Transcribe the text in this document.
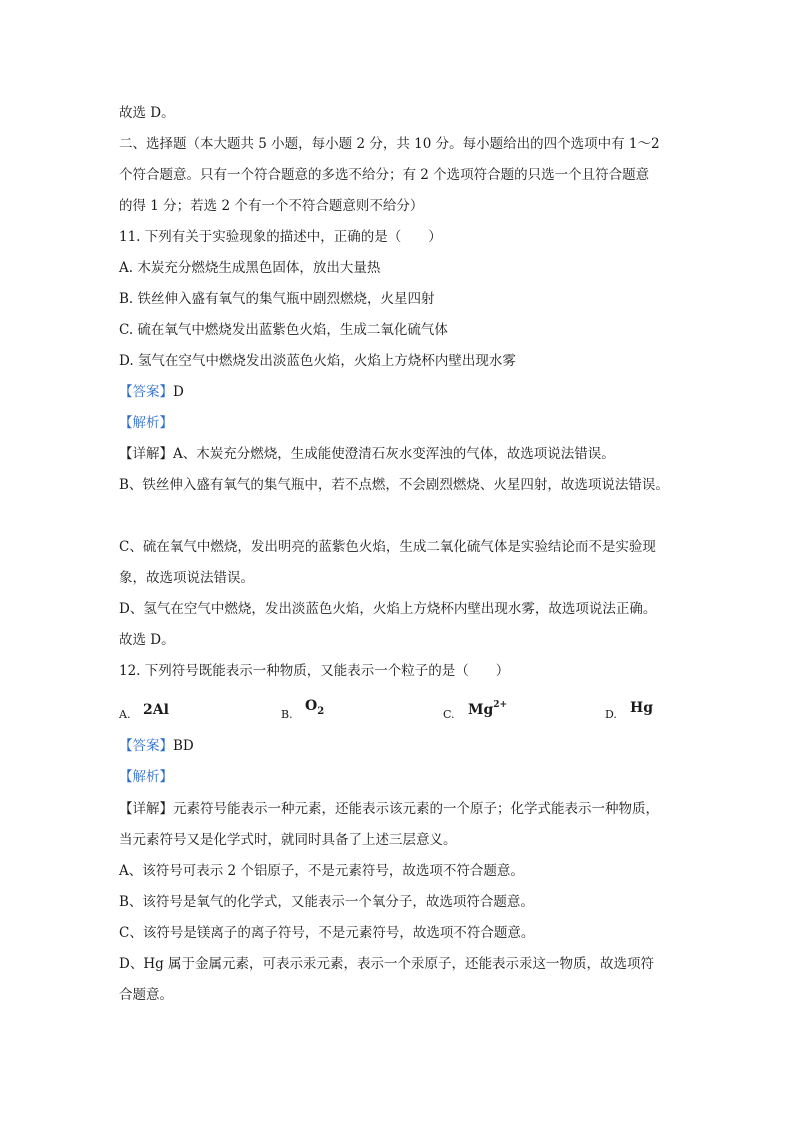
故选 D。
二、选择题（本大题共 5 小题，每小题 2 分，共 10 分。每小题给出的四个选项中有 1～2
个符合题意。只有一个符合题意的多选不给分；有 2 个选项符合题的只选一个且符合题意
的得 1 分；若选 2 个有一个不符合题意则不给分）
11. 下列有关于实验现象的描述中，正确的是（　　）
A. 木炭充分燃烧生成黑色固体，放出大量热
B. 铁丝伸入盛有氧气的集气瓶中剧烈燃烧，火星四射
C. 硫在氧气中燃烧发出蓝紫色火焰，生成二氧化硫气体
D. 氢气在空气中燃烧发出淡蓝色火焰，火焰上方烧杯内壁出现水雾
【答案】D
【解析】
【详解】A、木炭充分燃烧，生成能使澄清石灰水变浑浊的气体，故选项说法错误。
B、铁丝伸入盛有氧气的集气瓶中，若不点燃，不会剧烈燃烧、火星四射，故选项说法错误。
C、硫在氧气中燃烧，发出明亮的蓝紫色火焰，生成二氧化硫气体是实验结论而不是实验现
象，故选项说法错误。
D、氢气在空气中燃烧，发出淡蓝色火焰，火焰上方烧杯内壁出现水雾，故选项说法正确。
故选 D。
12. 下列符号既能表示一种物质，又能表示一个粒子的是（　　）
A. 2Al	B.
$O_2$	C. $Mg^{2+}$
D. Hg
【答案】BD
【解析】
【详解】元素符号能表示一种元素，还能表示该元素的一个原子；化学式能表示一种物质，
当元素符号又是化学式时，就同时具备了上述三层意义。
A、该符号可表示 2 个铝原子，不是元素符号，故选项不符合题意。
B、该符号是氧气的化学式，又能表示一个氧分子，故选项符合题意。
C、该符号是镁离子的离子符号，不是元素符号，故选项不符合题意。
D、Hg 属于金属元素，可表示汞元素，表示一个汞原子，还能表示汞这一物质，故选项符
合题意。
